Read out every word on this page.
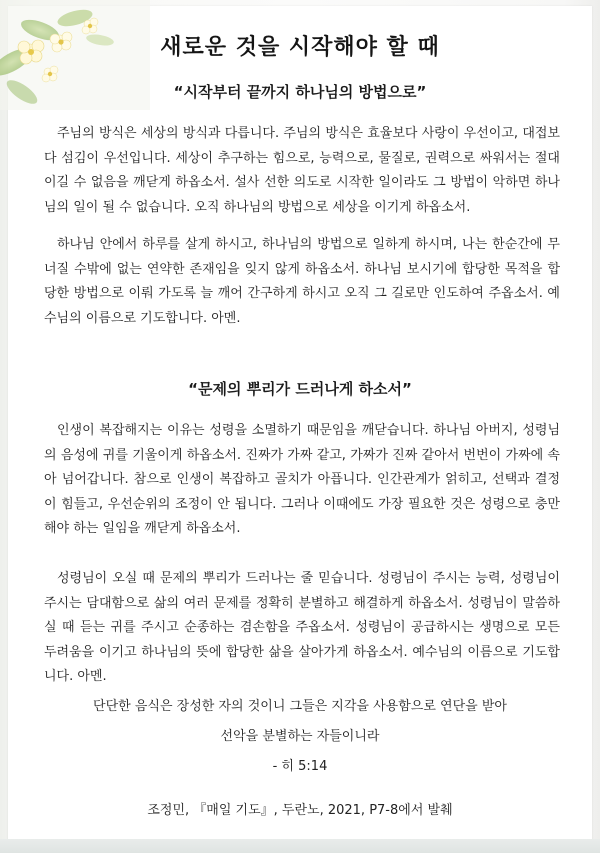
새로운 것을 시작해야 할 때
“시작부터 끝까지 하나님의 방법으로”

주님의 방식은 세상의 방식과 다릅니다. 주님의 방식은 효율보다 사랑이 우선이고, 대접보다 섬김이 우선입니다. 세상이 추구하는 힘으로, 능력으로, 물질로, 권력으로 싸워서는 절대 이길 수 없음을 깨닫게 하옵소서. 설사 선한 의도로 시작한 일이라도 그 방법이 악하면 하나님의 일이 될 수 없습니다. 오직 하나님의 방법으로 세상을 이기게 하옵소서.

하나님 안에서 하루를 살게 하시고, 하나님의 방법으로 일하게 하시며, 나는 한순간에 무너질 수밖에 없는 연약한 존재임을 잊지 않게 하옵소서. 하나님 보시기에 합당한 목적을 합당한 방법으로 이뤄 가도록 늘 깨어 간구하게 하시고 오직 그 길로만 인도하여 주옵소서. 예수님의 이름으로 기도합니다. 아멘.

“문제의 뿌리가 드러나게 하소서”

인생이 복잡해지는 이유는 성령을 소멸하기 때문임을 깨닫습니다. 하나님 아버지, 성령님의 음성에 귀를 기울이게 하옵소서. 진짜가 가짜 같고, 가짜가 진짜 같아서 번번이 가짜에 속아 넘어갑니다. 참으로 인생이 복잡하고 골치가 아픕니다. 인간관계가 얽히고, 선택과 결정이 힘들고, 우선순위의 조정이 안 됩니다. 그러나 이때에도 가장 필요한 것은 성령으로 충만해야 하는 일임을 깨닫게 하옵소서.

성령님이 오실 때 문제의 뿌리가 드러나는 줄 믿습니다. 성령님이 주시는 능력, 성령님이 주시는 담대함으로 삶의 여러 문제를 정확히 분별하고 해결하게 하옵소서. 성령님이 말씀하실 때 듣는 귀를 주시고 순종하는 겸손함을 주옵소서. 성령님이 공급하시는 생명으로 모든 두려움을 이기고 하나님의 뜻에 합당한 삶을 살아가게 하옵소서. 예수님의 이름으로 기도합니다. 아멘.

단단한 음식은 장성한 자의 것이니 그들은 지각을 사용함으로 연단을 받아
선악을 분별하는 자들이니라
- 히 5:14
조정민, 『매일 기도』, 두란노, 2021, P7-8에서 발췌
